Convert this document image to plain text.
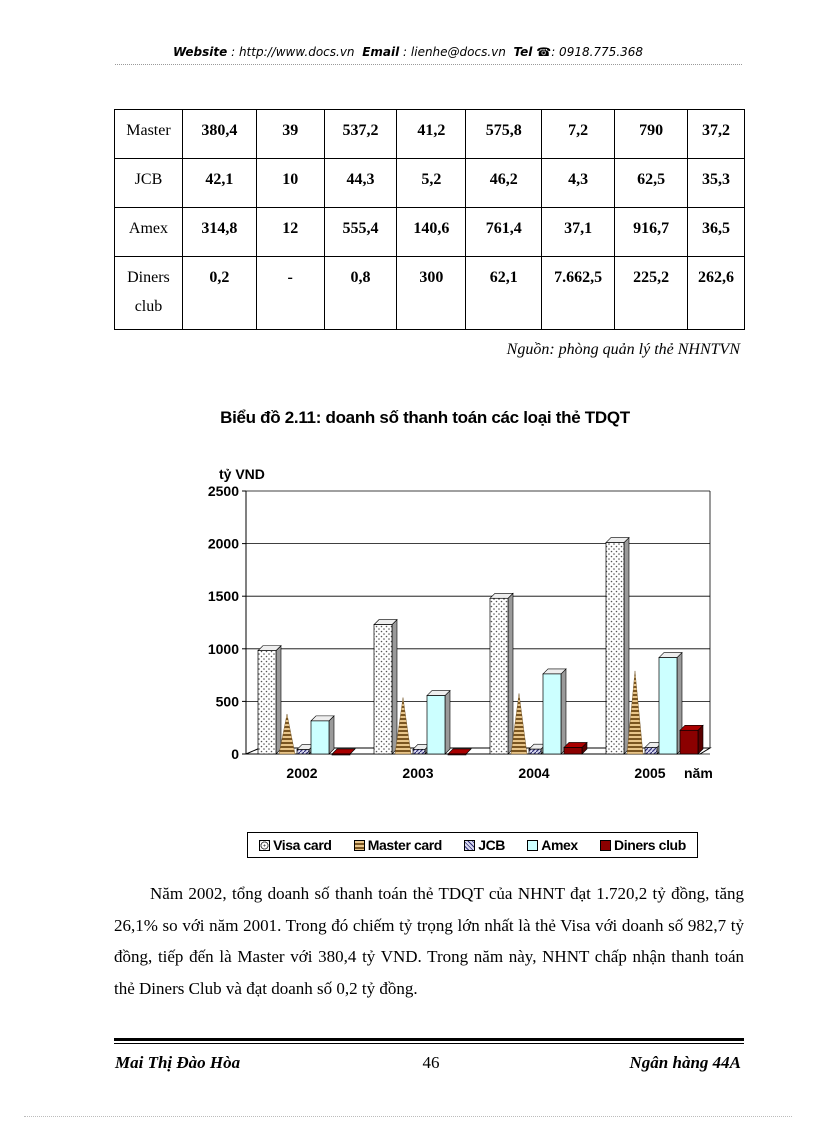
Website : http://www.docs.vn Email : lienhe@docs.vn Tel ☎: 0918.775.368
Master	380,4	39	537,2	41,2	575,8	7,2	790	37,2
JCB	42,1	10	44,3	5,2	46,2	4,3	62,5	35,3
Amex	314,8	12	555,4	140,6	761,4	37,1	916,7	36,5
Diners club	0,2	-	0,8	300	62,1	7.662,5	225,2	262,6
Nguồn: phòng quản lý thẻ NHNTVN
Biểu đồ 2.11: doanh số thanh toán các loại thẻ TDQT
0
500
1000
1500
2000
2500
tỷ VND
2002	2003	2004	2005 năm
Visa card	Master card	JCB	Amex	Diners club

Năm 2002, tổng doanh số thanh toán thẻ TDQT của NHNT đạt 1.720,2 tỷ đồng, tăng 26,1% so với năm 2001. Trong đó chiếm tỷ trọng lớn nhất là thẻ Visa với doanh số 982,7 tỷ đồng, tiếp đến là Master với 380,4 tỷ VND. Trong năm này, NHNT chấp nhận thanh toán thẻ Diners Club và đạt doanh số 0,2 tỷ đồng.

Mai Thị Đào Hòa	46	Ngân hàng 44A
